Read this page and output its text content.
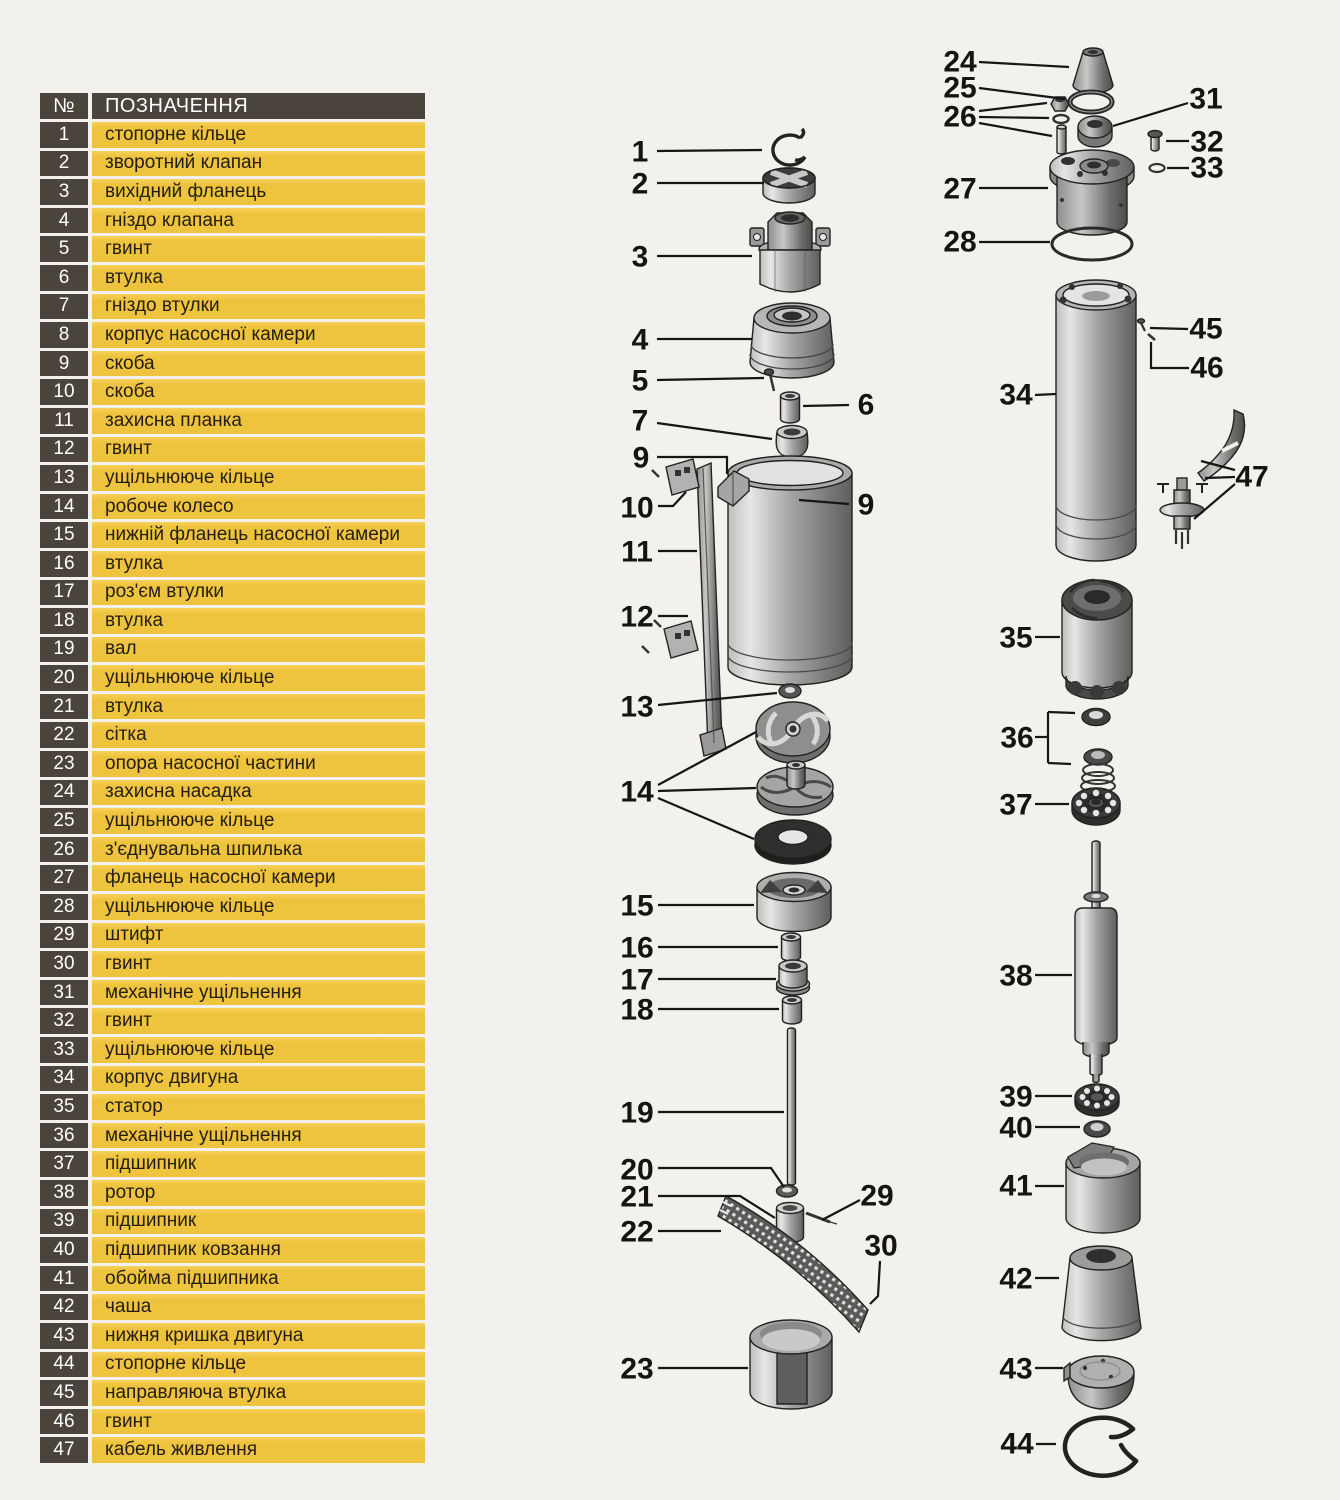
№	ПОЗНАЧЕННЯ
1	стопорне кільце
2	зворотний клапан
3	вихідний фланець
4	гніздо клапана
5	гвинт
6	втулка
7	гніздо втулки
8	корпус насосної камери
9	скоба
10	скоба
11	захисна планка
12	гвинт
13	ущільнююче кільце
14	робоче колесо
15	нижній фланець насосної камери
16	втулка
17	роз'єм втулки
18	втулка
19	вал
20	ущільнююче кільце
21	втулка
22	сітка
23	опора насосної частини
24	захисна насадка
25	ущільнююче кільце
26	з'єднувальна шпилька
27	фланець насосної камери
28	ущільнююче кільце
29	штифт
30	гвинт
31	механічне ущільнення
32	гвинт
33	ущільнююче кільце
34	корпус двигуна
35	статор
36	механічне ущільнення
37	підшипник
38	ротор
39	підшипник
40	підшипник ковзання
41	обойма підшипника
42	чаша
43	нижня кришка двигуна
44	стопорне кільце
45	направляюча втулка
46	гвинт
47	кабель живлення
1
2
3
4
5
6
7
9
10
11
12
9
13
14
15
16
17
18
19
20
21
22
29
30
23
24
25
26
31
32
33
27
28
34
45
46
47
35
36
37
38
39
40
41
42
43
44
